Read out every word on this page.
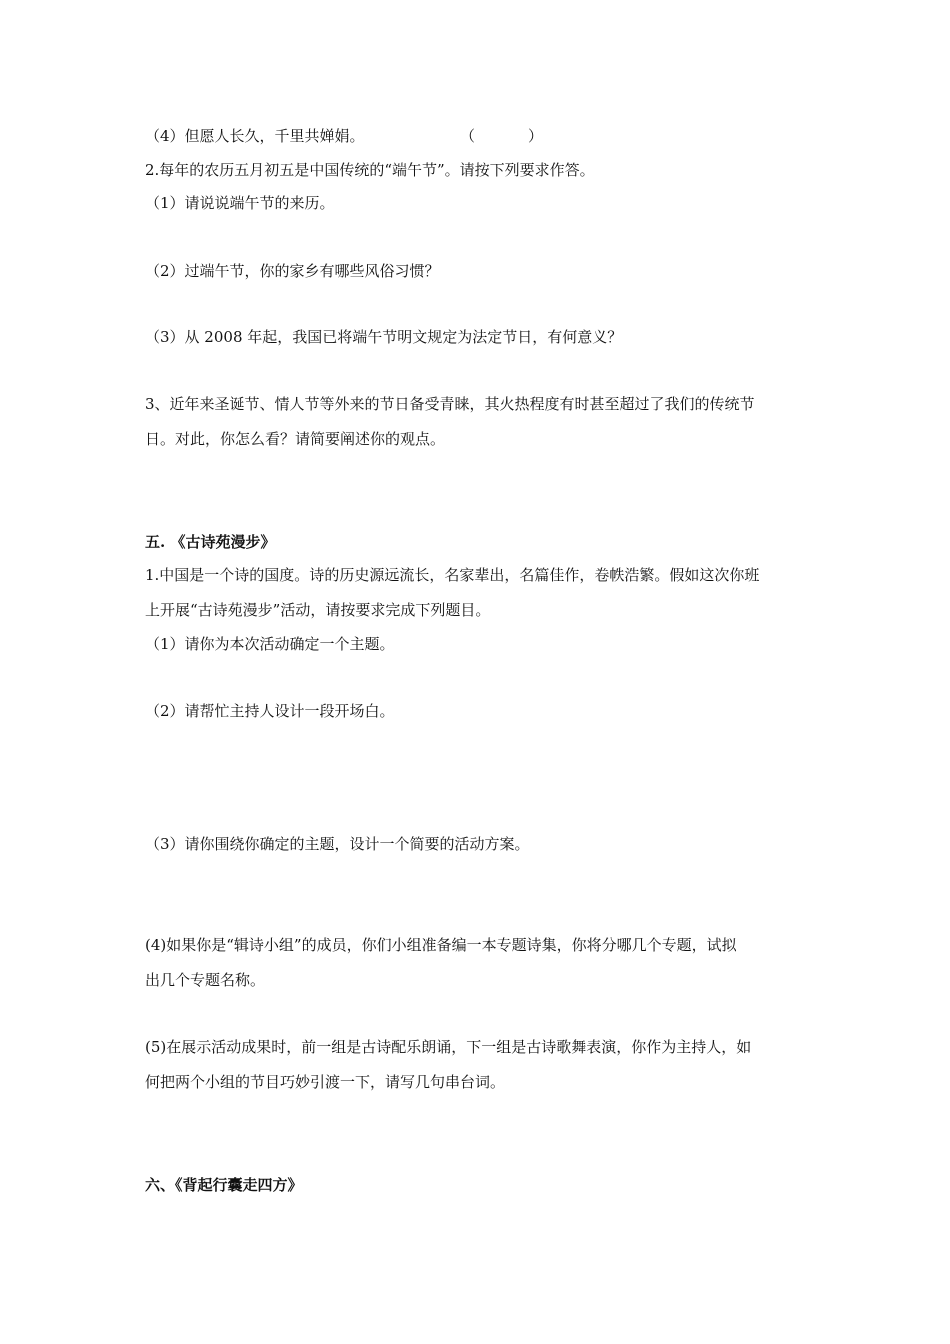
（4）但愿人长久，千里共婵娟。	（	）
2.每年的农历五月初五是中国传统的“端午节”。请按下列要求作答。
（1）请说说端午节的来历。
（2）过端午节，你的家乡有哪些风俗习惯？
（3）从 2008 年起，我国已将端午节明文规定为法定节日，有何意义？
3、近年来圣诞节、情人节等外来的节日备受青睐，其火热程度有时甚至超过了我们的传统节
日。对此，你怎么看？请简要阐述你的观点。
五. 《古诗苑漫步》
1.中国是一个诗的国度。诗的历史源远流长，名家辈出，名篇佳作，卷帙浩繁。假如这次你班
上开展“古诗苑漫步”活动，请按要求完成下列题目。
（1）请你为本次活动确定一个主题。
（2）请帮忙主持人设计一段开场白。
（3）请你围绕你确定的主题，设计一个简要的活动方案。
(4)如果你是“辑诗小组”的成员，你们小组准备编一本专题诗集，你将分哪几个专题，试拟
出几个专题名称。
(5)在展示活动成果时，前一组是古诗配乐朗诵，下一组是古诗歌舞表演，你作为主持人，如
何把两个小组的节目巧妙引渡一下，请写几句串台词。
六、《背起行囊走四方》
